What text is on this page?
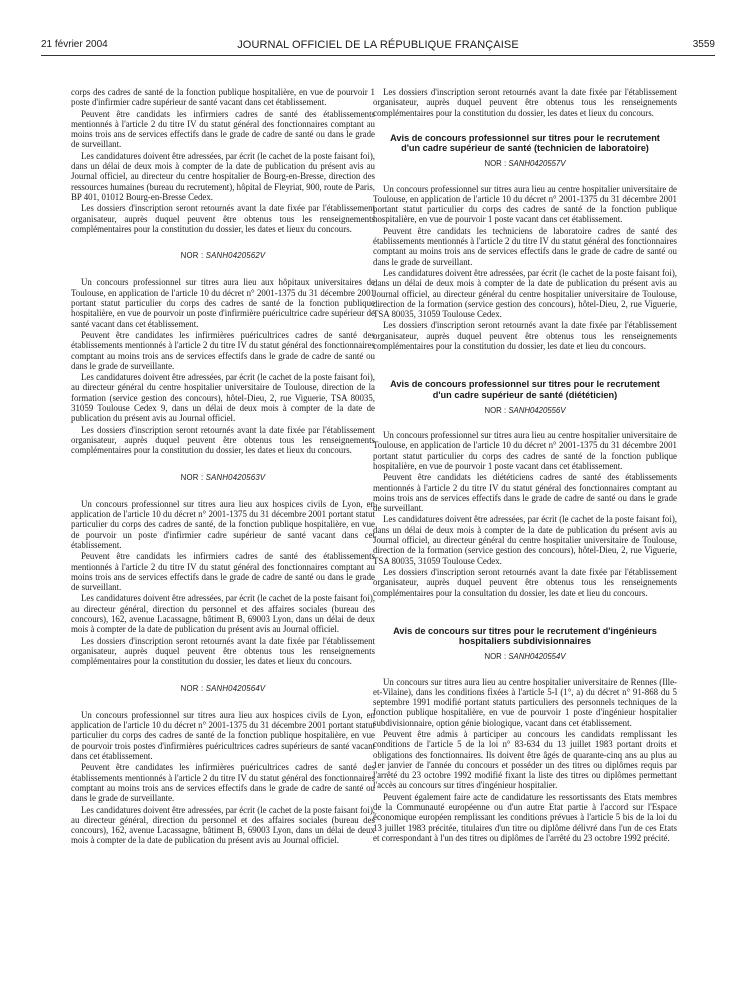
21 février 2004	JOURNAL OFFICIEL DE LA RÉPUBLIQUE FRANÇAISE	3559

corps des cadres de santé de la fonction publique hospitalière, en vue de pourvoir 1 poste d'infirmier cadre supérieur de santé vacant dans cet établissement.

Peuvent être candidats les infirmiers cadres de santé des établissements mentionnés à l'article 2 du titre IV du statut général des fonctionnaires comptant au moins trois ans de services effectifs dans le grade de cadre de santé ou dans le grade de surveillant.

Les candidatures doivent être adressées, par écrit (le cachet de la poste faisant foi), dans un délai de deux mois à compter de la date de publication du présent avis au Journal officiel, au directeur du centre hospitalier de Bourg-en-Bresse, direction des ressources humaines (bureau du recrutement), hôpital de Fleyriat, 900, route de Paris, BP 401, 01012 Bourg-en-Bresse Cedex.

Les dossiers d'inscription seront retournés avant la date fixée par l'établissement organisateur, auprès duquel peuvent être obtenus tous les renseignements complémentaires pour la constitution du dossier, les dates et lieux du concours.

NOR : SANH0420562V

Un concours professionnel sur titres aura lieu aux hôpitaux universitaires de Toulouse, en application de l'article 10 du décret n° 2001-1375 du 31 décembre 2001 portant statut particulier du corps des cadres de santé de la fonction publique hospitalière, en vue de pourvoir un poste d'infirmière puéricultrice cadre supérieur de santé vacant dans cet établissement.

Peuvent être candidates les infirmières puéricultrices cadres de santé des établissements mentionnés à l'article 2 du titre IV du statut général des fonctionnaires comptant au moins trois ans de services effectifs dans le grade de cadre de santé ou dans le grade de surveillante.

Les candidatures doivent être adressées, par écrit (le cachet de la poste faisant foi), au directeur général du centre hospitalier universitaire de Toulouse, direction de la formation (service gestion des concours), hôtel-Dieu, 2, rue Viguerie, TSA 80035, 31059 Toulouse Cedex 9, dans un délai de deux mois à compter de la date de publication du présent avis au Journal officiel.

Les dossiers d'inscription seront retournés avant la date fixée par l'établissement organisateur, auprès duquel peuvent être obtenus tous les renseignements complémentaires pour la constitution du dossier, les dates et lieux du concours.

NOR : SANH0420563V

Un concours professionnel sur titres aura lieu aux hospices civils de Lyon, en application de l'article 10 du décret n° 2001-1375 du 31 décembre 2001 portant statut particulier du corps des cadres de santé, de la fonction publique hospitalière, en vue de pourvoir un poste d'infirmier cadre supérieur de santé vacant dans cet établissement.

Peuvent être candidats les infirmiers cadres de santé des établissements mentionnés à l'article 2 du titre IV du statut général des fonctionnaires comptant au moins trois ans de services effectifs dans le grade de cadre de santé ou dans le grade de surveillant.

Les candidatures doivent être adressées, par écrit (le cachet de la poste faisant foi), au directeur général, direction du personnel et des affaires sociales (bureau des concours), 162, avenue Lacassagne, bâtiment B, 69003 Lyon, dans un délai de deux mois à compter de la date de publication du présent avis au Journal officiel.

Les dossiers d'inscription seront retournés avant la date fixée par l'établissement organisateur, auprès duquel peuvent être obtenus tous les renseignements complémentaires pour la constitution du dossier, les dates et lieux du concours.

NOR : SANH0420564V

Un concours professionnel sur titres aura lieu aux hospices civils de Lyon, en application de l'article 10 du décret n° 2001-1375 du 31 décembre 2001 portant statut particulier du corps des cadres de santé de la fonction publique hospitalière, en vue de pourvoir trois postes d'infirmières puéricultrices cadres supérieurs de santé vacant dans cet établissement.

Peuvent être candidates les infirmières puéricultrices cadres de santé des établissements mentionnés à l'article 2 du titre IV du statut général des fonctionnaires comptant au moins trois ans de services effectifs dans le grade de cadre de santé ou dans le grade de surveillante.

Les candidatures doivent être adressées, par écrit (le cachet de la poste faisant foi), au directeur général, direction du personnel et des affaires sociales (bureau des concours), 162, avenue Lacassagne, bâtiment B, 69003 Lyon, dans un délai de deux mois à compter de la date de publication du présent avis au Journal officiel.

Les dossiers d'inscription seront retournés avant la date fixée par l'établissement organisateur, auprès duquel peuvent être obtenus tous les renseignements complémentaires pour la constitution du dossier, les dates et lieux du concours.

Avis de concours professionnel sur titres pour le recrutement d'un cadre supérieur de santé (technicien de laboratoire)
NOR : SANH0420557V

Un concours professionnel sur titres aura lieu au centre hospitalier universitaire de Toulouse, en application de l'article 10 du décret n° 2001-1375 du 31 décembre 2001 portant statut particulier du corps des cadres de santé de la fonction publique hospitalière, en vue de pourvoir 1 poste vacant dans cet établissement.

Peuvent être candidats les techniciens de laboratoire cadres de santé des établissements mentionnés à l'article 2 du titre IV du statut général des fonctionnaires comptant au moins trois ans de services effectifs dans le grade de cadre de santé ou dans le grade de surveillant.

Les candidatures doivent être adressées, par écrit (le cachet de la poste faisant foi), dans un délai de deux mois à compter de la date de publication du présent avis au Journal officiel, au directeur général du centre hospitalier universitaire de Toulouse, direction de la formation (service gestion des concours), hôtel-Dieu, 2, rue Viguerie, TSA 80035, 31059 Toulouse Cedex.

Les dossiers d'inscription seront retournés avant la date fixée par l'établissement organisateur, auprès duquel peuvent être obtenus tous les renseignements complémentaires pour la constitution du dossier, les date et lieu du concours.

Avis de concours professionnel sur titres pour le recrutement d'un cadre supérieur de santé (diététicien)
NOR : SANH0420556V

Un concours professionnel sur titres aura lieu au centre hospitalier universitaire de Toulouse, en application de l'article 10 du décret n° 2001-1375 du 31 décembre 2001 portant statut particulier du corps des cadres de santé de la fonction publique hospitalière, en vue de pourvoir 1 poste vacant dans cet établissement.

Peuvent être candidats les diététiciens cadres de santé des établissements mentionnés à l'article 2 du titre IV du statut général des fonctionnaires comptant au moins trois ans de services effectifs dans le grade de cadre de santé ou dans le grade de surveillant.

Les candidatures doivent être adressées, par écrit (le cachet de la poste faisant foi), dans un délai de deux mois à compter de la date de publication du présent avis au Journal officiel, au directeur général du centre hospitalier universitaire de Toulouse, direction de la formation (service gestion des concours), hôtel-Dieu, 2, rue Viguerie, TSA 80035, 31059 Toulouse Cedex.

Les dossiers d'inscription seront retournés avant la date fixée par l'établissement organisateur, auprès duquel peuvent être obtenus tous les renseignements complémentaires pour la consultation du dossier, les date et lieu du concours.

Avis de concours sur titres pour le recrutement d'ingénieurs hospitaliers subdivisionnaires
NOR : SANH0420554V

Un concours sur titres aura lieu au centre hospitalier universitaire de Rennes (Ille-et-Vilaine), dans les conditions fixées à l'article 5-I (1°, a) du décret n° 91-868 du 5 septembre 1991 modifié portant statuts particuliers des personnels techniques de la fonction publique hospitalière, en vue de pourvoir 1 poste d'ingénieur hospitalier subdivisionnaire, option génie biologique, vacant dans cet établissement.

Peuvent être admis à participer au concours les candidats remplissant les conditions de l'article 5 de la loi n° 83-634 du 13 juillet 1983 portant droits et obligations des fonctionnaires. Ils doivent être âgés de quarante-cinq ans au plus au 1er janvier de l'année du concours et posséder un des titres ou diplômes requis par l'arrêté du 23 octobre 1992 modifié fixant la liste des titres ou diplômes permettant l'accès au concours sur titres d'ingénieur hospitalier.

Peuvent également faire acte de candidature les ressortissants des Etats membres de la Communauté européenne ou d'un autre Etat partie à l'accord sur l'Espace économique européen remplissant les conditions prévues à l'article 5 bis de la loi du 13 juillet 1983 précitée, titulaires d'un titre ou diplôme délivré dans l'un de ces Etats et correspondant à l'un des titres ou diplômes de l'arrêté du 23 octobre 1992 précité.
